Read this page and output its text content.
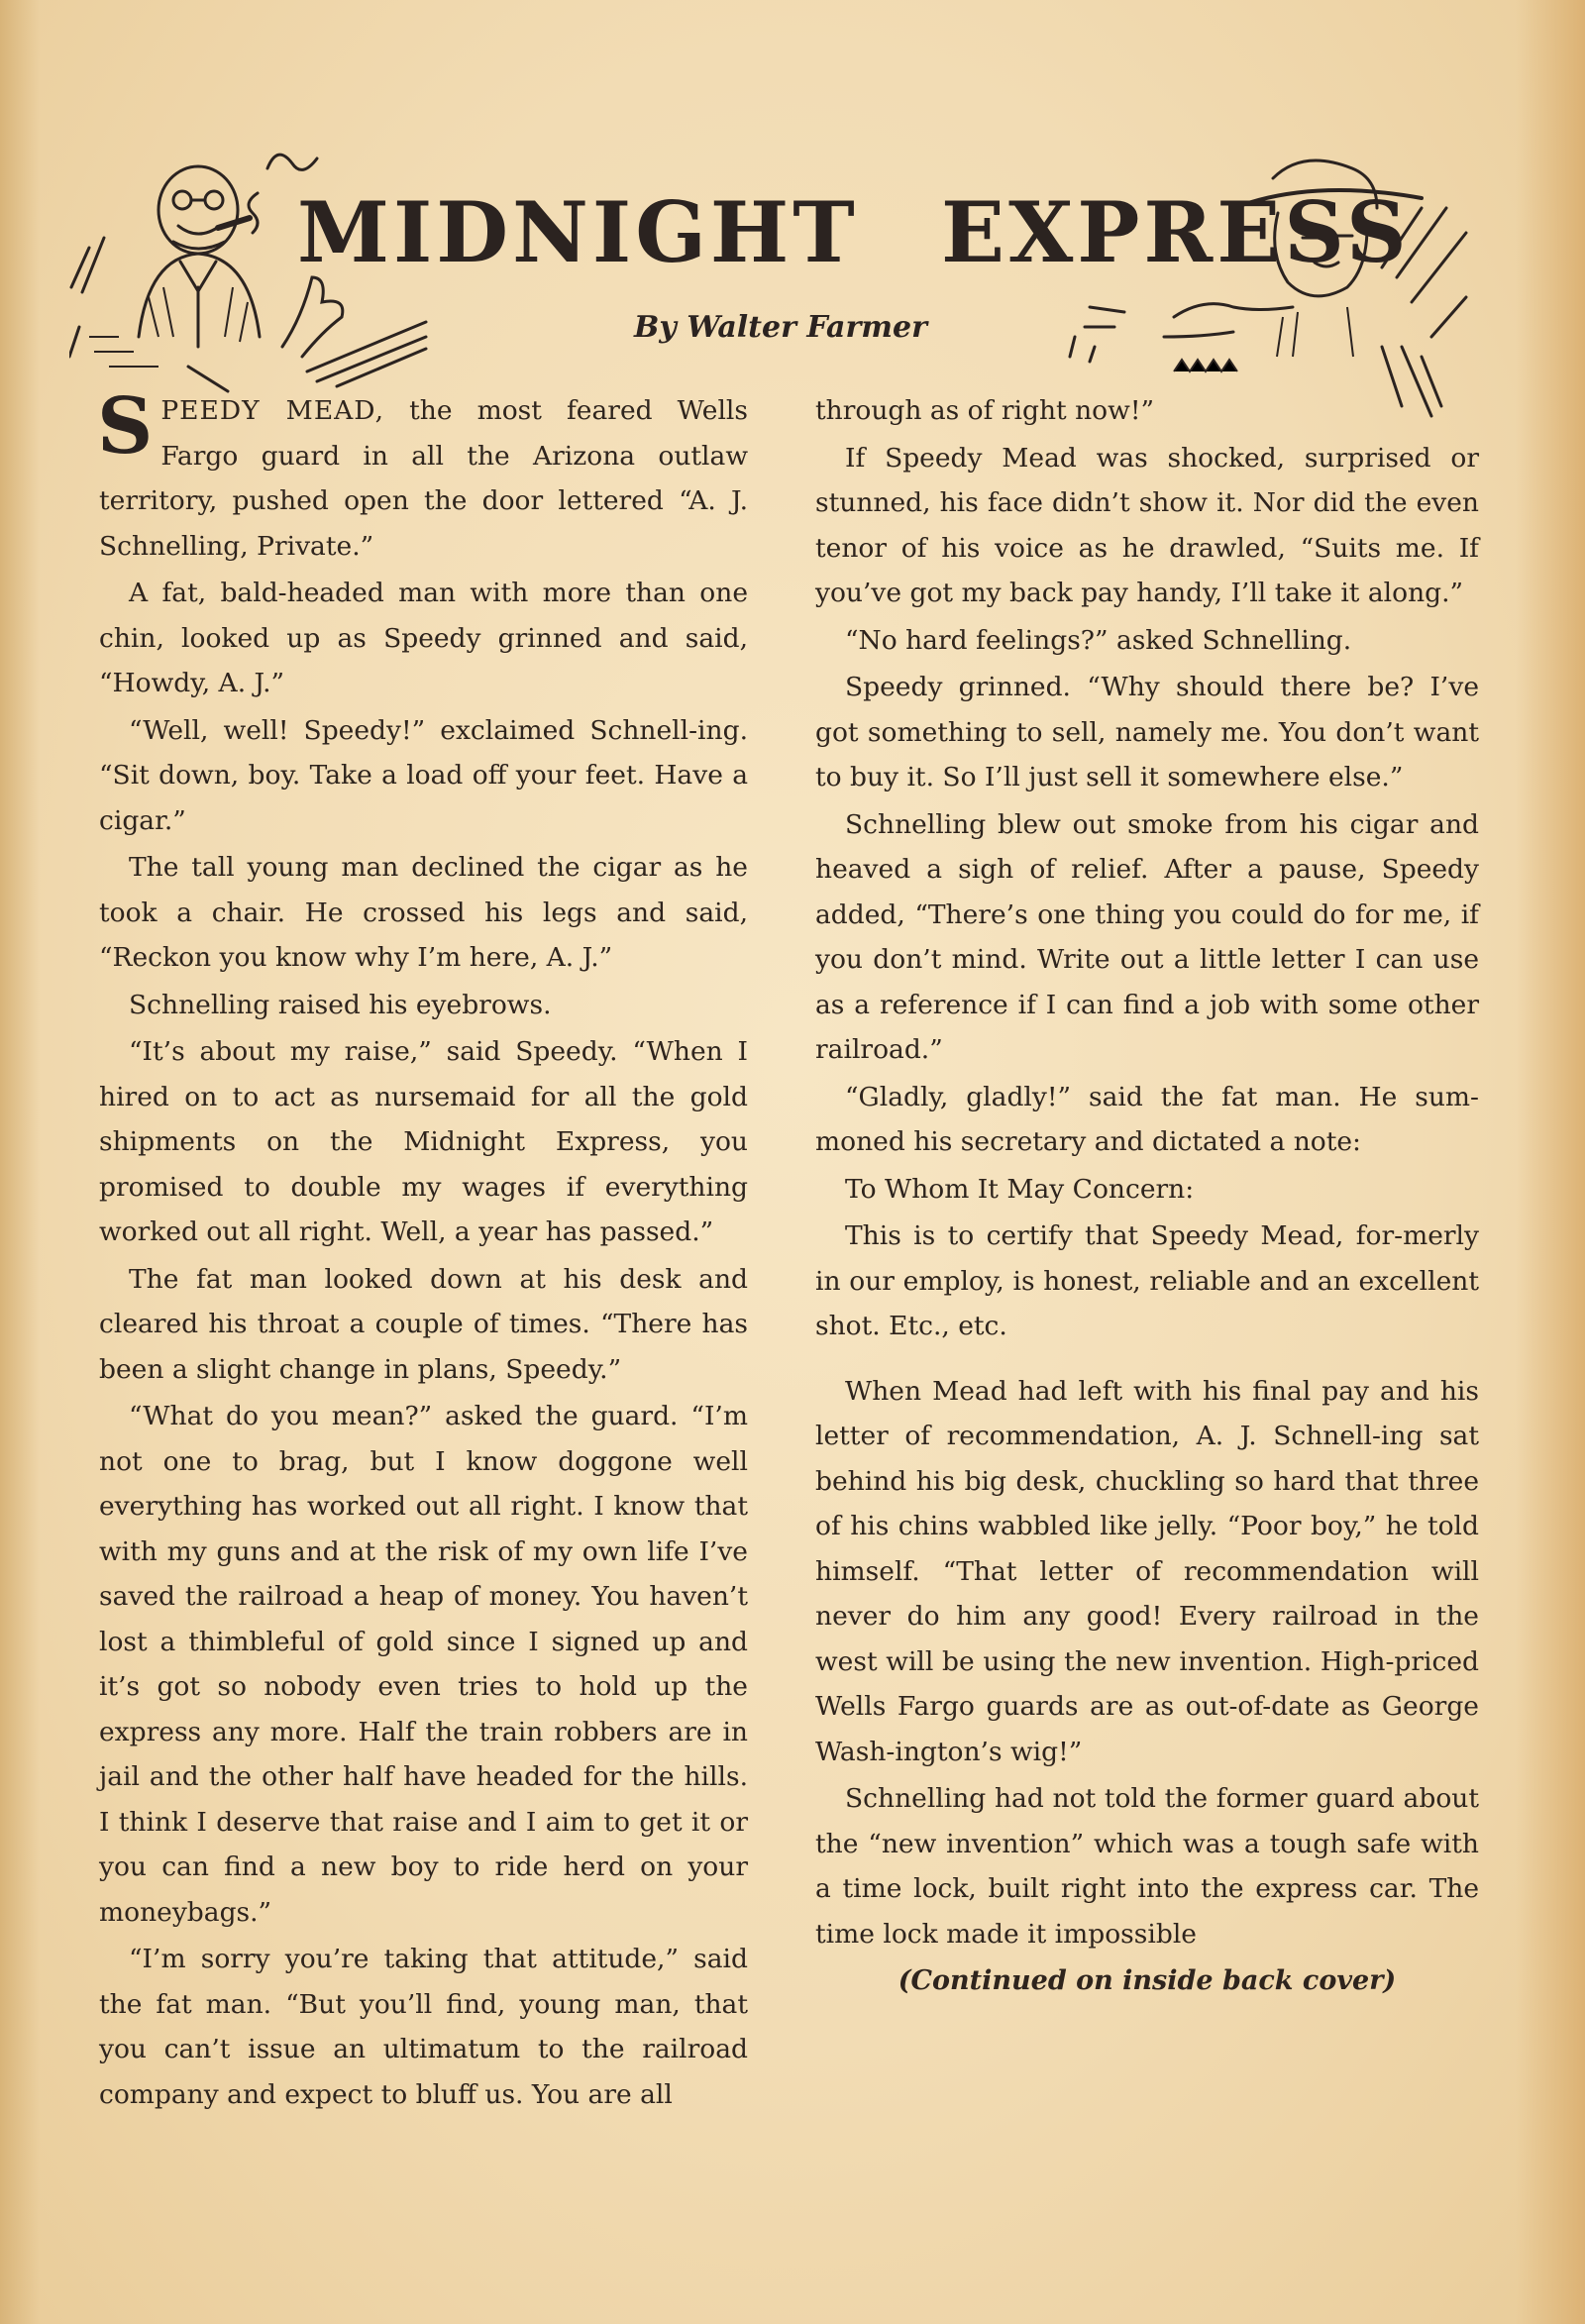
MIDNIGHT EXPRESS

By Walter Farmer

SPEEDY MEAD, the most feared Wells Fargo guard in all the Arizona outlaw territory, pushed open the door lettered “A. J. Schnelling, Private.”

A fat, bald-headed man with more than one chin, looked up as Speedy grinned and said, “Howdy, A. J.”

“Well, well! Speedy!” exclaimed Schnell-ing. “Sit down, boy. Take a load off your feet. Have a cigar.”

The tall young man declined the cigar as he took a chair. He crossed his legs and said, “Reckon you know why I’m here, A. J.”

Schnelling raised his eyebrows.

“It’s about my raise,” said Speedy. “When I hired on to act as nursemaid for all the gold shipments on the Midnight Express, you promised to double my wages if everything worked out all right. Well, a year has passed.”

The fat man looked down at his desk and cleared his throat a couple of times. “There has been a slight change in plans, Speedy.”

“What do you mean?” asked the guard. “I’m not one to brag, but I know doggone well everything has worked out all right. I know that with my guns and at the risk of my own life I’ve saved the railroad a heap of money. You haven’t lost a thimbleful of gold since I signed up and it’s got so nobody even tries to hold up the express any more. Half the train robbers are in jail and the other half have headed for the hills. I think I deserve that raise and I aim to get it or you can find a new boy to ride herd on your moneybags.”

“I’m sorry you’re taking that attitude,” said the fat man. “But you’ll find, young man, that you can’t issue an ultimatum to the railroad company and expect to bluff us. You are all

through as of right now!”

If Speedy Mead was shocked, surprised or stunned, his face didn’t show it. Nor did the even tenor of his voice as he drawled, “Suits me. If you’ve got my back pay handy, I’ll take it along.”

“No hard feelings?” asked Schnelling.

Speedy grinned. “Why should there be? I’ve got something to sell, namely me. You don’t want to buy it. So I’ll just sell it somewhere else.”

Schnelling blew out smoke from his cigar and heaved a sigh of relief. After a pause, Speedy added, “There’s one thing you could do for me, if you don’t mind. Write out a little letter I can use as a reference if I can find a job with some other railroad.”

“Gladly, gladly!” said the fat man. He sum-moned his secretary and dictated a note:

To Whom It May Concern:

This is to certify that Speedy Mead, for-merly in our employ, is honest, reliable and an excellent shot. Etc., etc.

When Mead had left with his final pay and his letter of recommendation, A. J. Schnell-ing sat behind his big desk, chuckling so hard that three of his chins wabbled like jelly. “Poor boy,” he told himself. “That letter of recommendation will never do him any good! Every railroad in the west will be using the new invention. High-priced Wells Fargo guards are as out-of-date as George Wash-ington’s wig!”

Schnelling had not told the former guard about the “new invention” which was a tough safe with a time lock, built right into the express car. The time lock made it impossible

(Continued on inside back cover)
